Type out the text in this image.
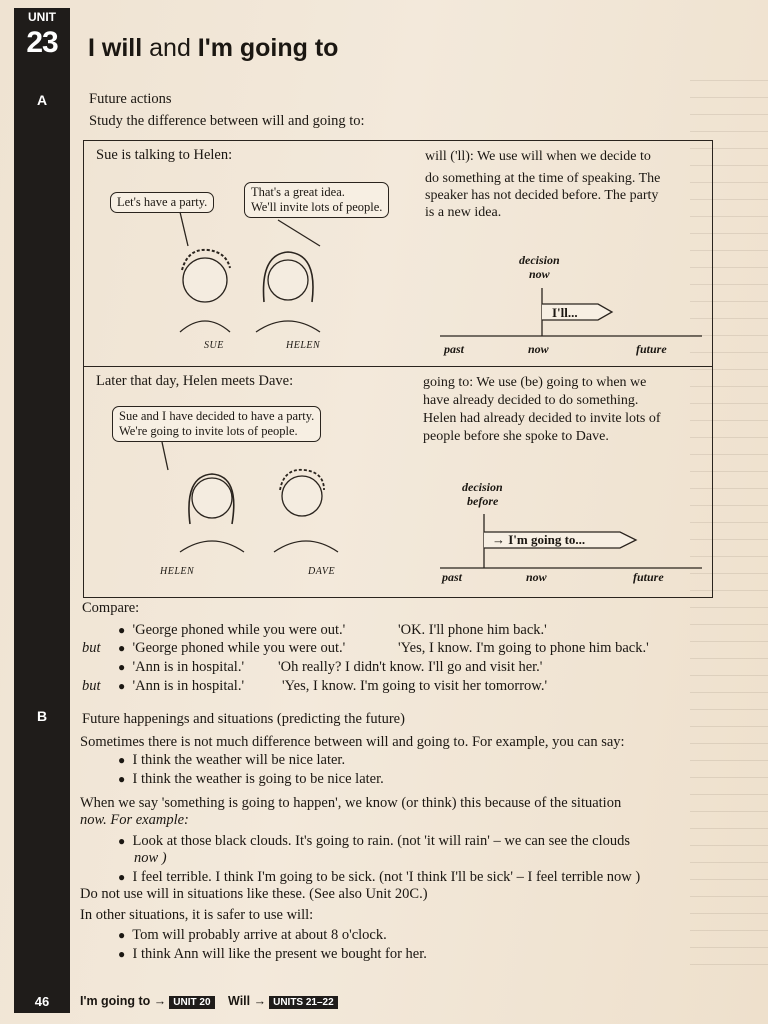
UNIT
23
A
B
46
I will and I'm going to
Future actions
Study the difference between will and going to:
Sue is talking to Helen:
Let's have a party.
That's a great idea.
We'll invite lots of people.
SUE	HELEN
will ('ll): We use will when we decide to
do something at the time of speaking. The
speaker has not decided before. The party
is a new idea.
decision
now
I'll...
past	now	future
Later that day, Helen meets Dave:
Sue and I have decided to have a party.
We're going to invite lots of people.
HELEN	DAVE
going to: We use (be) going to when we
have already decided to do something.
Helen had already decided to invite lots of
people before she spoke to Dave.
decision
before
→ I'm going to...
past	now	future
Compare:
● 'George phoned while you were out.'	'OK. I'll phone him back.'
but ● 'George phoned while you were out.'	'Yes, I know. I'm going to phone him back.'
● 'Ann is in hospital.' 'Oh really? I didn't know. I'll go and visit her.'
but ● 'Ann is in hospital.'	'Yes, I know. I'm going to visit her tomorrow.'
Future happenings and situations (predicting the future)
Sometimes there is not much difference between will and going to. For example, you can say:
● I think the weather will be nice later.
● I think the weather is going to be nice later.
When we say 'something is going to happen', we know (or think) this because of the situation
now. For example:
● Look at those black clouds. It's going to rain. (not 'it will rain' – we can see the clouds
now )
● I feel terrible. I think I'm going to be sick. (not 'I think I'll be sick' – I feel terrible now )
Do not use will in situations like these. (See also Unit 20C.)
In other situations, it is safer to use will:
● Tom will probably arrive at about 8 o'clock.
● I think Ann will like the present we bought for her.
I'm going to → UNIT 20	Will → UNITS 21–22
